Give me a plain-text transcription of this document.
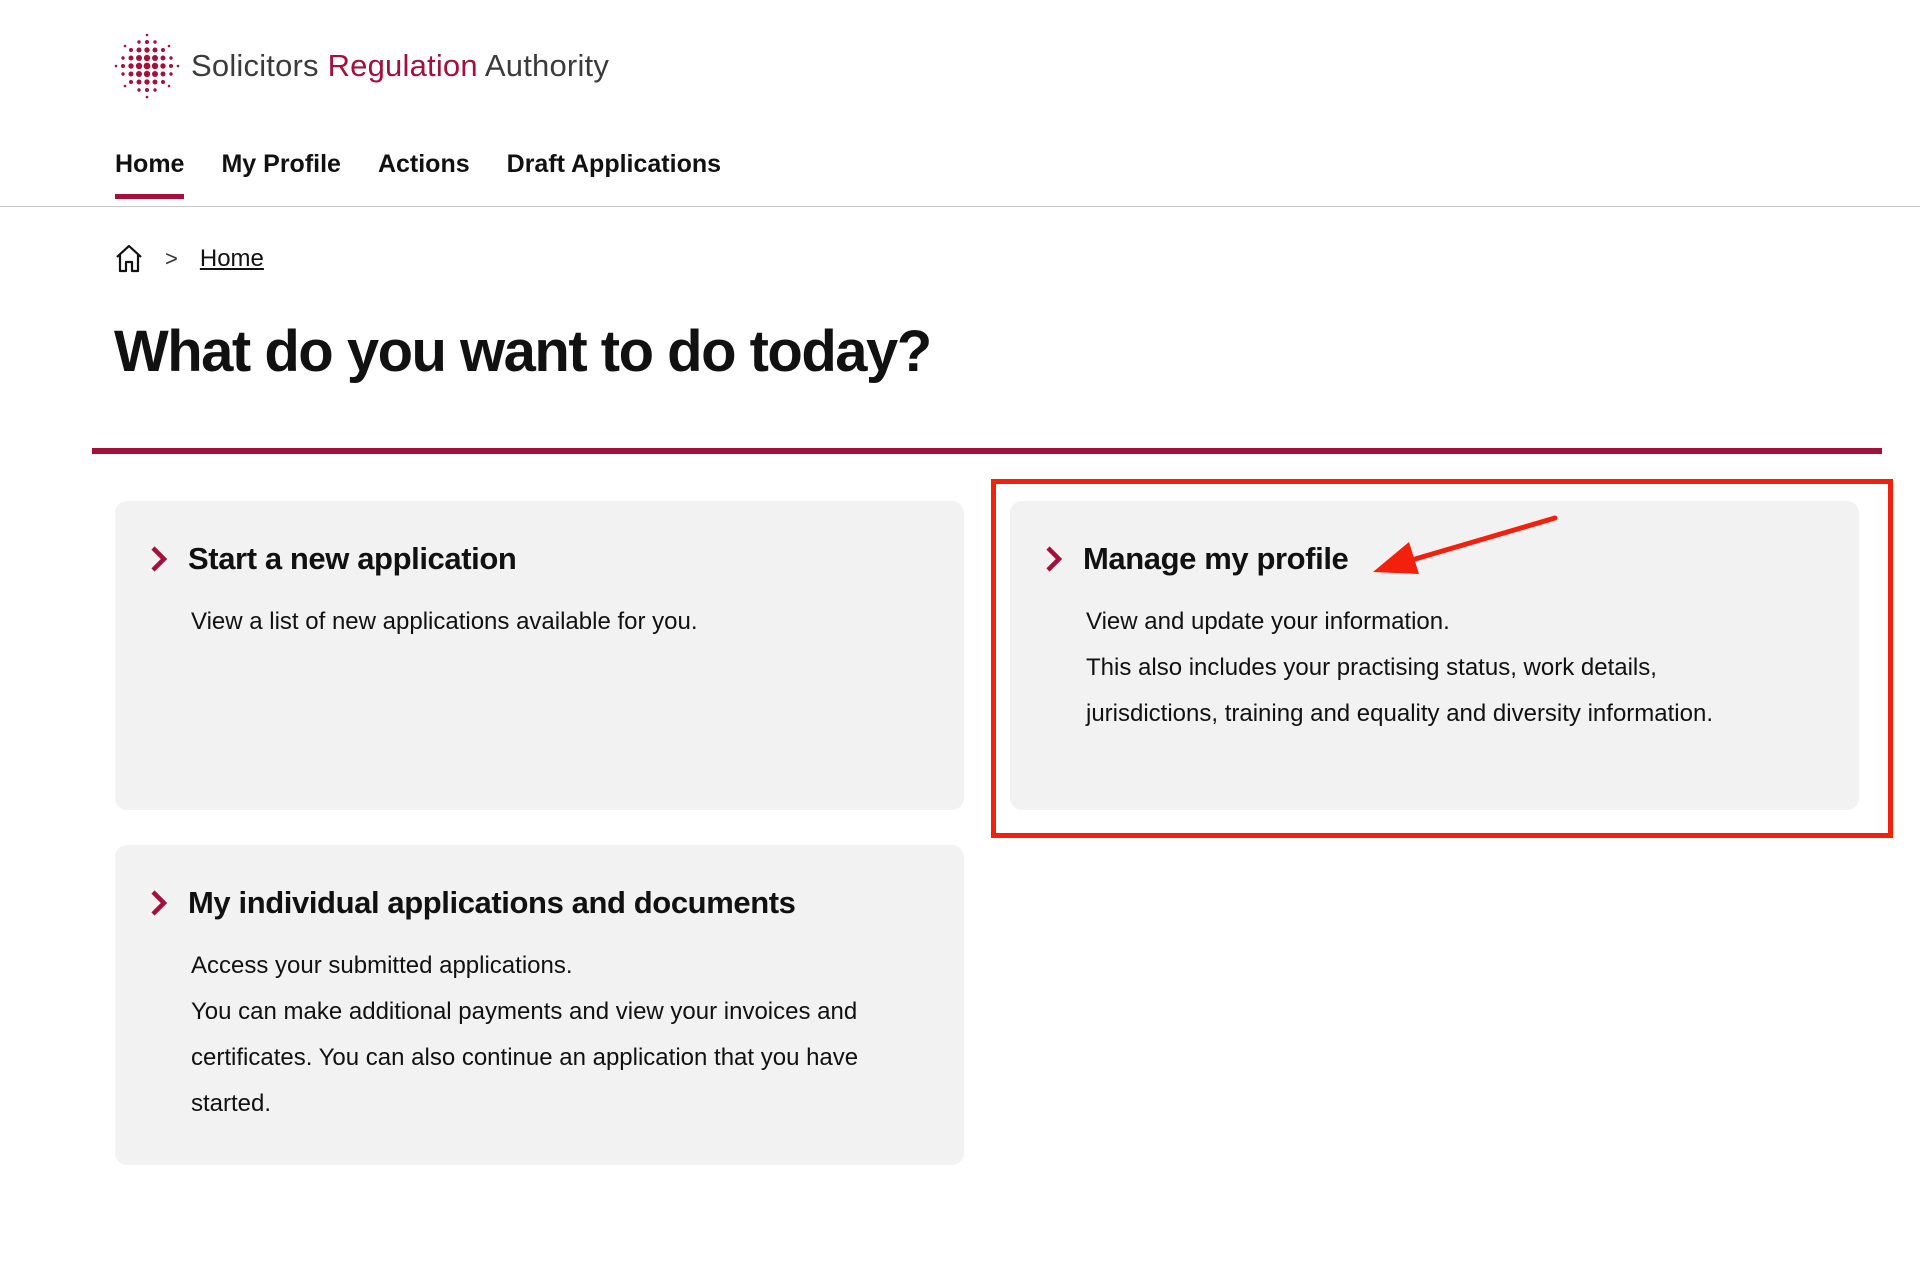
Solicitors Regulation Authority
Home My Profile Actions Draft Applications
> Home
What do you want to do today?
Start a new application

View a list of new applications available for you.

Manage my profile

View and update your information.

This also includes your practising status, work details,

jurisdictions, training and equality and diversity information.

My individual applications and documents

Access your submitted applications.

You can make additional payments and view your invoices and

certificates. You can also continue an application that you have

started.
